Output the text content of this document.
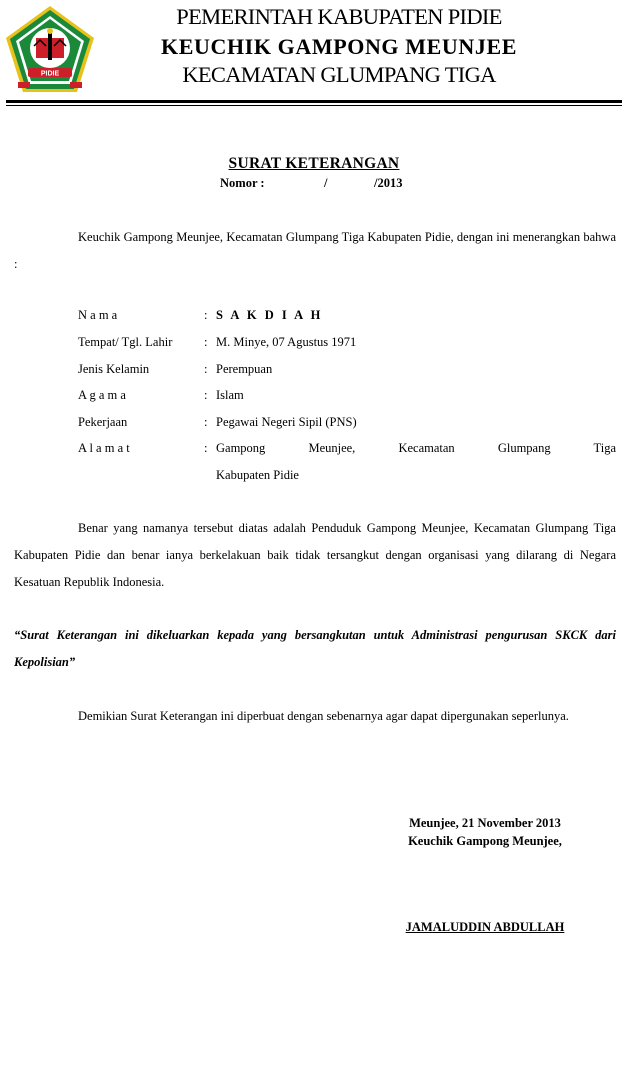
PIDIE
PEMERINTAH KABUPATEN PIDIE
KEUCHIK GAMPONG MEUNJEE
KECAMATAN GLUMPANG TIGA
SURAT KETERANGAN
Nomor :	/	/2013
Keuchik Gampong Meunjee, Kecamatan Glumpang Tiga Kabupaten Pidie, dengan ini menerangkan bahwa :
N a m a	: S A K D I A H
Tempat/ Tgl. Lahir	: M. Minye, 07 Agustus 1971
Jenis Kelamin	: Perempuan
A g a m a	: Islam
Pekerjaan	: Pegawai Negeri Sipil (PNS)
A l a m a t	: Gampong Meunjee, Kecamatan Glumpang Tiga
Kabupaten Pidie
Benar yang namanya tersebut diatas adalah Penduduk Gampong Meunjee, Kecamatan Glumpang Tiga Kabupaten Pidie dan benar ianya berkelakuan baik tidak tersangkut dengan organisasi yang dilarang di Negara Kesatuan Republik Indonesia.
“Surat Keterangan ini dikeluarkan kepada yang bersangkutan untuk Administrasi pengurusan SKCK dari Kepolisian”
Demikian Surat Keterangan ini diperbuat dengan sebenarnya agar dapat dipergunakan seperlunya.
Meunjee, 21 November 2013
Keuchik Gampong Meunjee,
JAMALUDDIN ABDULLAH
